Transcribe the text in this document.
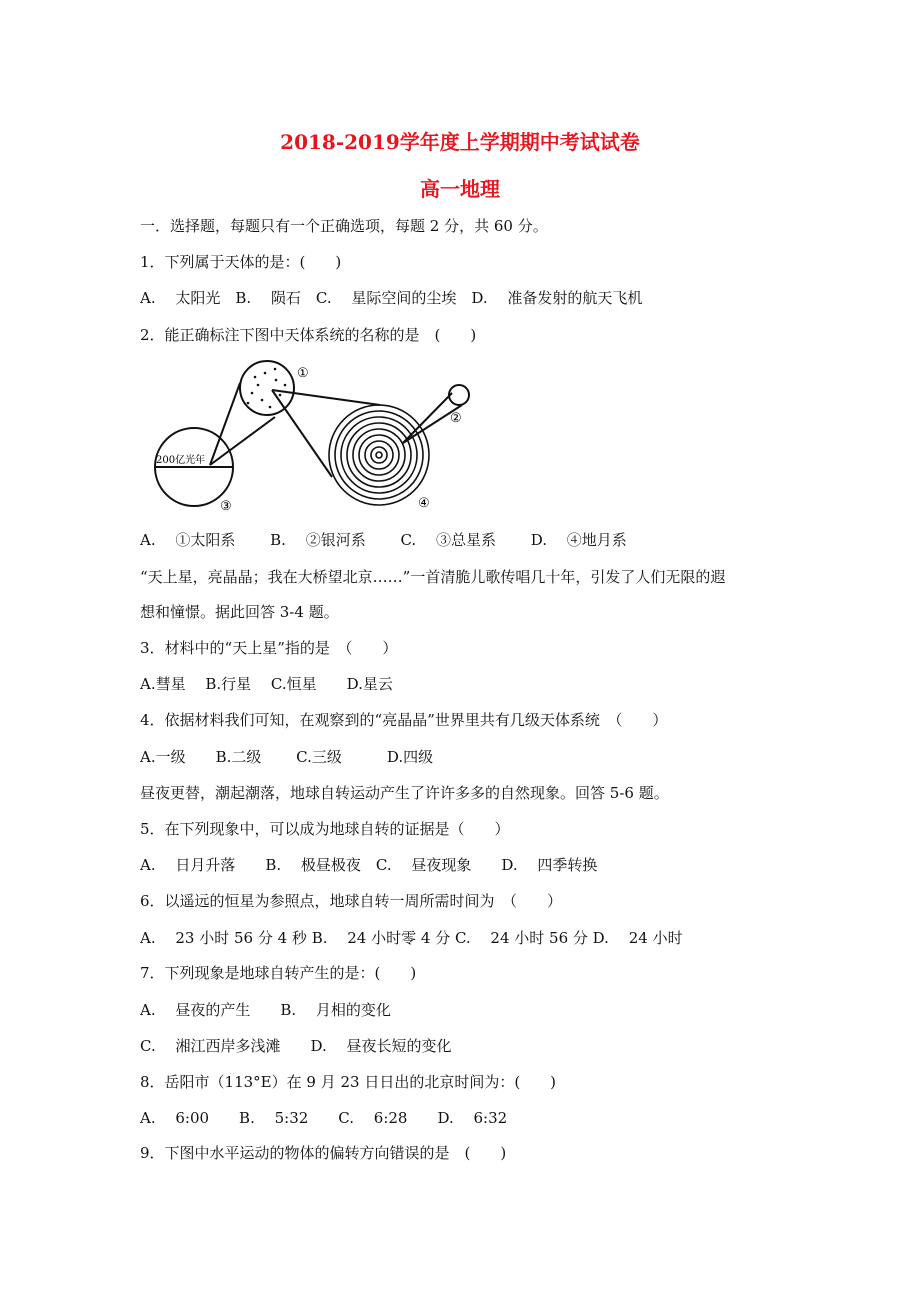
2018-2019学年度上学期期中考试试卷
高一地理
一．选择题，每题只有一个正确选项，每题 2 分，共 60 分。
1．下列属于天体的是：(　　)
A.　 太阳光　B.　 陨石　C.　 星际空间的尘埃　D.　 准备发射的航天飞机
2．能正确标注下图中天体系统的名称的是　(　　)
200亿光年
①
②
③	④
A.　 ①太阳系　　 B.　 ②银河系　　 C.　 ③总星系　　 D.　 ④地月系
“天上星，亮晶晶；我在大桥望北京……”一首清脆儿歌传唱几十年，引发了人们无限的遐
想和憧憬。据此回答 3-4 题。
3．材料中的“天上星”指的是　（　　）
A.彗星　 B.行星　 C.恒星　　D.星云
4．依据材料我们可知，在观察到的“亮晶晶”世界里共有几级天体系统　（　　）
A.一级　　B.二级　　 C.三级　　　D.四级
昼夜更替，潮起潮落，地球自转运动产生了许许多多的自然现象。回答 5-6 题。
5．在下列现象中，可以成为地球自转的证据是（　　）
A.　 日月升落　　B.　 极昼极夜　C.　 昼夜现象　　D.　 四季转换
6．以遥远的恒星为参照点，地球自转一周所需时间为　（　　）
A.　 23 小时 56 分 4 秒 B.　 24 小时零 4 分 C.　 24 小时 56 分 D.　 24 小时
7．下列现象是地球自转产生的是：(　　)
A.　 昼夜的产生　　B.　 月相的变化
C.　 湘江西岸多浅滩　　D.　 昼夜长短的变化
8．岳阳市（113°E）在 9 月 23 日日出的北京时间为：(　　)
A.　 6:00　　B.　 5:32　　C.　 6:28　　D.　 6:32
9．下图中水平运动的物体的偏转方向错误的是　(　　)
